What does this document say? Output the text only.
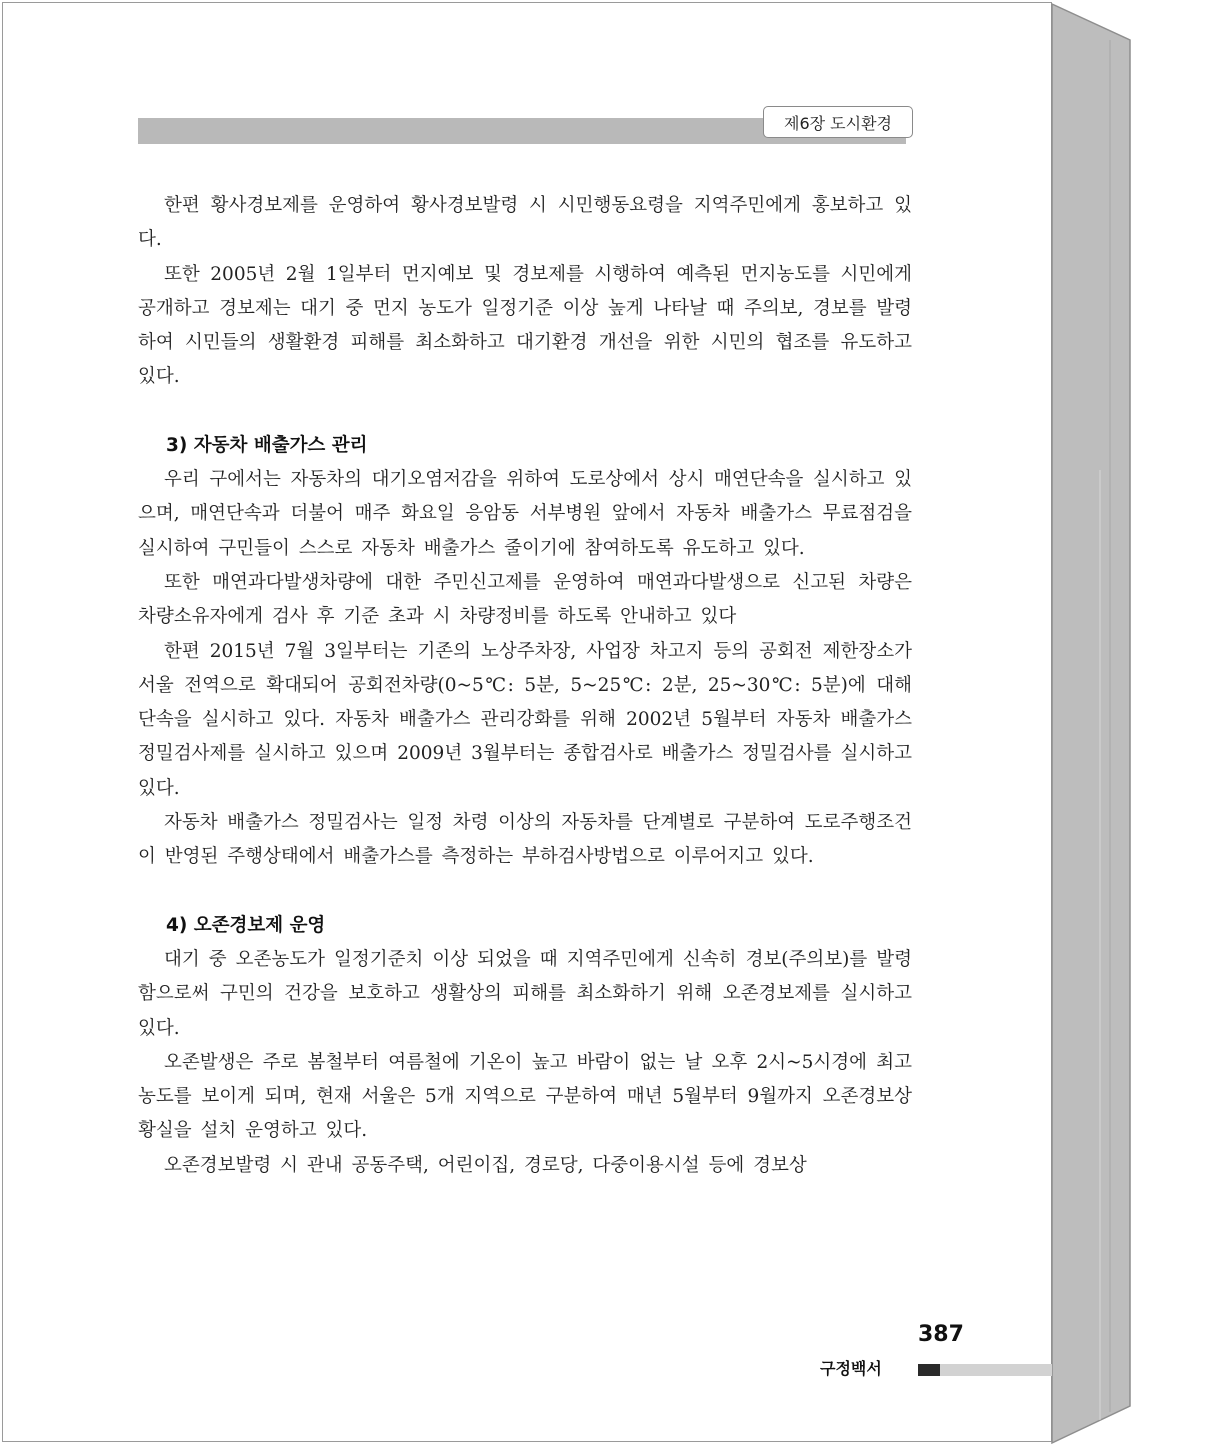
제6장 도시환경

한편 황사경보제를 운영하여 황사경보발령 시 시민행동요령을 지역주민에게 홍보하고 있다.

또한 2005년 2월 1일부터 먼지예보 및 경보제를 시행하여 예측된 먼지농도를 시민에게 공개하고 경보제는 대기 중 먼지 농도가 일정기준 이상 높게 나타날 때 주의보, 경보를 발령하여 시민들의 생활환경 피해를 최소화하고 대기환경 개선을 위한 시민의 협조를 유도하고 있다.

3) 자동차 배출가스 관리

우리 구에서는 자동차의 대기오염저감을 위하여 도로상에서 상시 매연단속을 실시하고 있으며, 매연단속과 더불어 매주 화요일 응암동 서부병원 앞에서 자동차 배출가스 무료점검을 실시하여 구민들이 스스로 자동차 배출가스 줄이기에 참여하도록 유도하고 있다.

또한 매연과다발생차량에 대한 주민신고제를 운영하여 매연과다발생으로 신고된 차량은 차량소유자에게 검사 후 기준 초과 시 차량정비를 하도록 안내하고 있다

한편 2015년 7월 3일부터는 기존의 노상주차장, 사업장 차고지 등의 공회전 제한장소가 서울 전역으로 확대되어 공회전차량(0~5℃: 5분, 5~25℃: 2분, 25~30℃: 5분)에 대해 단속을 실시하고 있다. 자동차 배출가스 관리강화를 위해 2002년 5월부터 자동차 배출가스 정밀검사제를 실시하고 있으며 2009년 3월부터는 종합검사로 배출가스 정밀검사를 실시하고 있다.

자동차 배출가스 정밀검사는 일정 차령 이상의 자동차를 단계별로 구분하여 도로주행조건이 반영된 주행상태에서 배출가스를 측정하는 부하검사방법으로 이루어지고 있다.

4) 오존경보제 운영

대기 중 오존농도가 일정기준치 이상 되었을 때 지역주민에게 신속히 경보(주의보)를 발령함으로써 구민의 건강을 보호하고 생활상의 피해를 최소화하기 위해 오존경보제를 실시하고 있다.

오존발생은 주로 봄철부터 여름철에 기온이 높고 바람이 없는 날 오후 2시~5시경에 최고농도를 보이게 되며, 현재 서울은 5개 지역으로 구분하여 매년 5월부터 9월까지 오존경보상황실을 설치 운영하고 있다.

오존경보발령 시 관내 공동주택, 어린이집, 경로당, 다중이용시설 등에 경보상

387
구정백서
